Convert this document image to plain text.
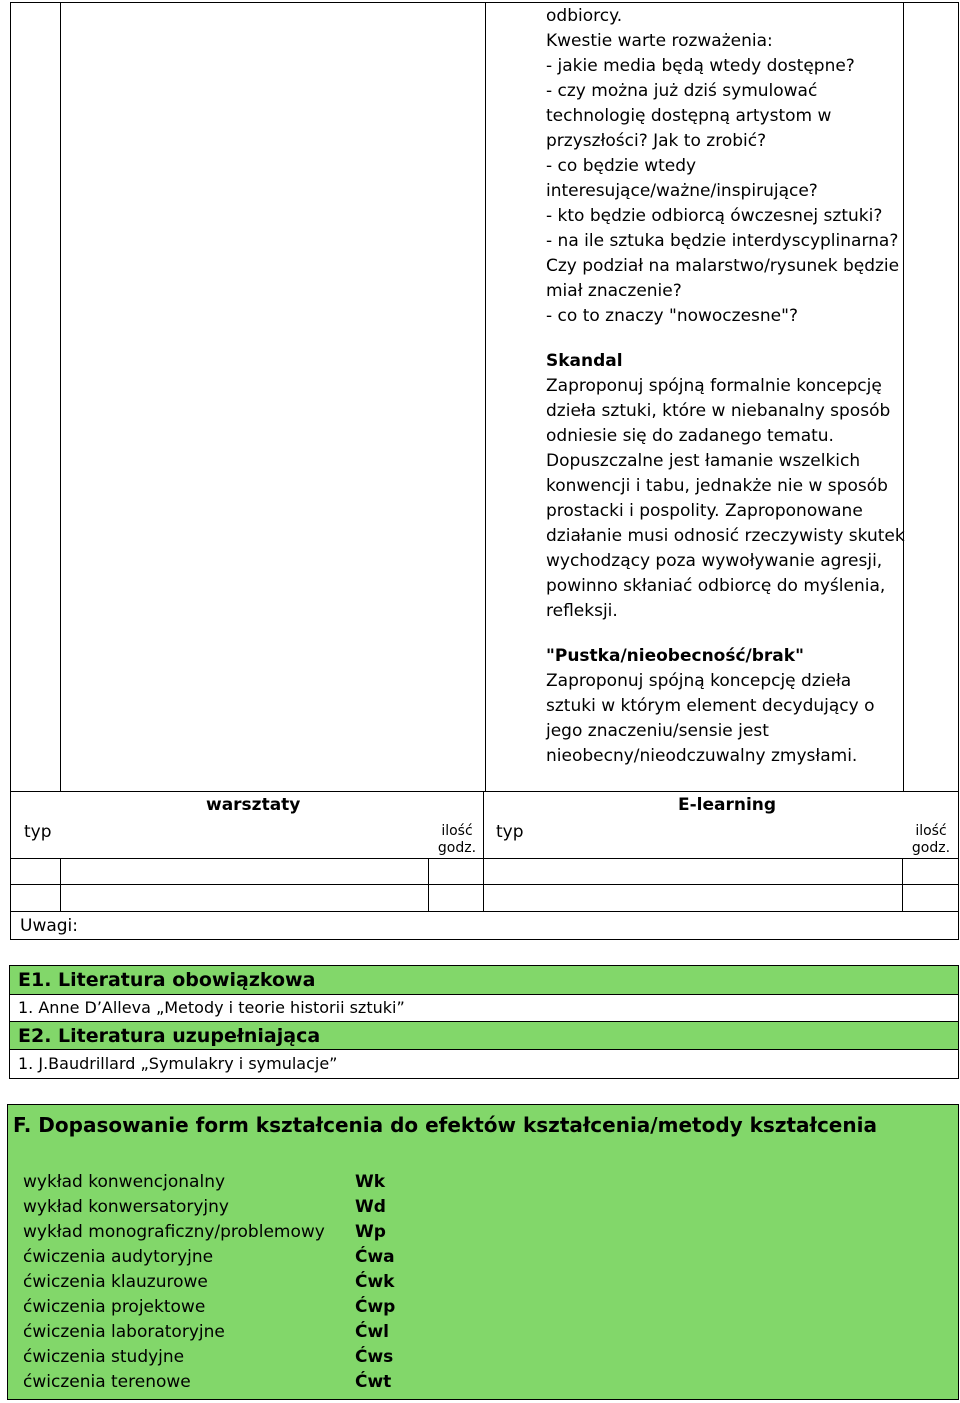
odbiorcy.
Kwestie warte rozważenia:
- jakie media będą wtedy dostępne?
- czy można już dziś symulować
technologię dostępną artystom w
przyszłości? Jak to zrobić?
- co będzie wtedy
interesujące/ważne/inspirujące?
- kto będzie odbiorcą ówczesnej sztuki?
- na ile sztuka będzie interdyscyplinarna?
Czy podział na malarstwo/rysunek będzie
miał znaczenie?
- co to znaczy "nowoczesne"?
Skandal
Zaproponuj spójną formalnie koncepcję
dzieła sztuki, które w niebanalny sposób
odniesie się do zadanego tematu.
Dopuszczalne jest łamanie wszelkich
konwencji i tabu, jednakże nie w sposób
prostacki i pospolity. Zaproponowane
działanie musi odnosić rzeczywisty skutek
wychodzący poza wywoływanie agresji,
powinno skłaniać odbiorcę do myślenia,
refleksji.
"Pustka/nieobecność/brak"
Zaproponuj spójną koncepcję dzieła
sztuki w którym element decydujący o
jego znaczeniu/sensie jest
nieobecny/nieodczuwalny zmysłami.
warsztaty	E-learning
typ	ilość
godz.
typ	ilość
godz.
Uwagi:
E1. Literatura obowiązkowa
1. Anne D’Alleva „Metody i teorie historii sztuki”
E2. Literatura uzupełniająca
1. J.Baudrillard „Symulakry i symulacje”
F. Dopasowanie form kształcenia do efektów kształcenia/metody kształcenia
wykład konwencjonalny	Wk
wykład konwersatoryjny	Wd
wykład monograficzny/problemowy Wp
ćwiczenia audytoryjne	Ćwa
ćwiczenia klauzurowe	Ćwk
ćwiczenia projektowe	Ćwp
ćwiczenia laboratoryjne	Ćwl
ćwiczenia studyjne	Ćws
ćwiczenia terenowe	Ćwt
